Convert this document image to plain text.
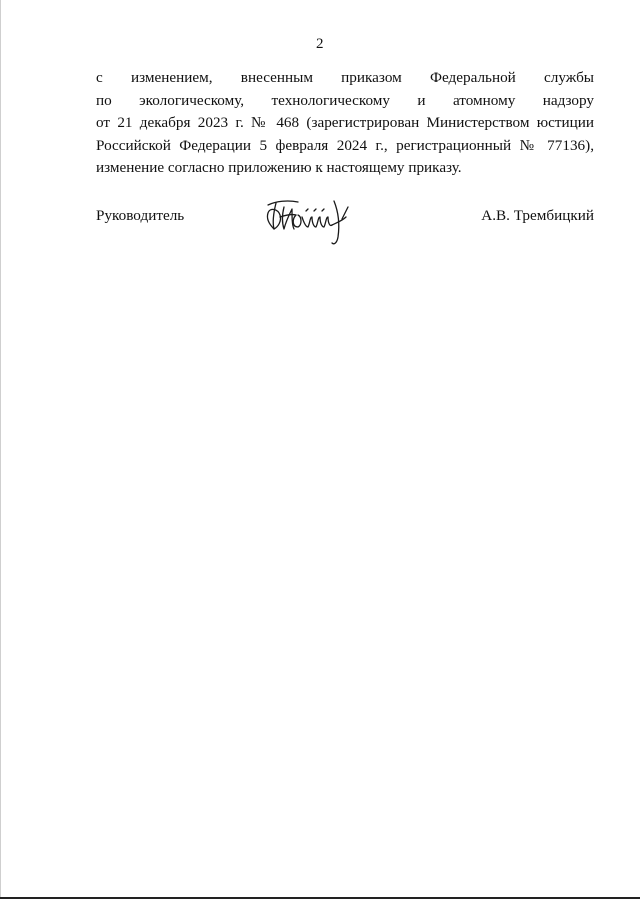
2
с изменением, внесенным приказом Федеральной службы
по экологическому, технологическому и атомному надзору
от 21 декабря 2023 г. № 468 (зарегистрирован Министерством юстиции
Российской Федерации 5 февраля 2024 г., регистрационный № 77136),
изменение согласно приложению к настоящему приказу.
Руководитель	А.В. Трембицкий
